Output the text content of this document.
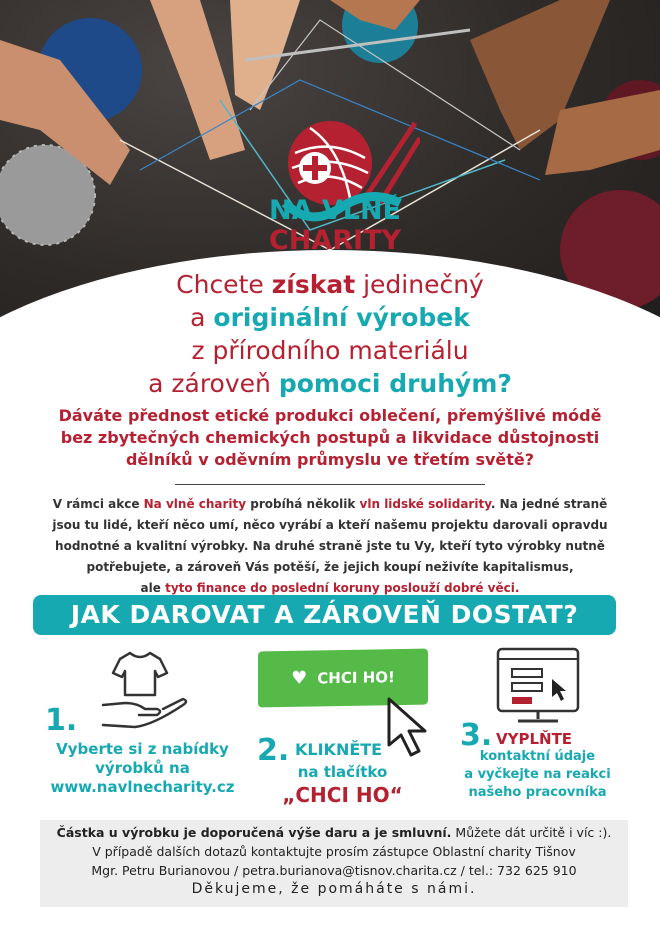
NA VLNĚ
CHARITY
Chcete získat jedinečný
a originální výrobek
z přírodního materiálu
a zároveň pomoci druhým?
Dáváte přednost etické produkci oblečení, přemýšlivé módě
bez zbytečných chemických postupů a likvidace důstojnosti
dělníků v oděvním průmyslu ve třetím světě?
V rámci akce Na vlně charity probíhá několik vln lidské solidarity. Na jedné straně
jsou tu lidé, kteří něco umí, něco vyrábí a kteří našemu projektu darovali opravdu
hodnotné a kvalitní výrobky. Na druhé straně jste tu Vy, kteří tyto výrobky nutně
potřebujete, a zároveň Vás potěší, že jejich koupí neživíte kapitalismus,
ale tyto finance do poslední koruny poslouží dobré věci.
JAK DAROVAT A ZÁROVEŇ DOSTAT?
1.
Vyberte si z nabídky
výrobků na
www.navlnecharity.cz
♥ CHCI HO!
2. KLIKNĚTE
na tlačítko
„CHCI HO“
3. VYPLŇTE
kontaktní údaje
a vyčkejte na reakci
našeho pracovníka
Částka u výrobku je doporučená výše daru a je smluvní. Můžete dát určitě i víc :).
V případě dalších dotazů kontaktujte prosím zástupce Oblastní charity Tišnov
Mgr. Petru Burianovou / petra.burianova@tisnov.charita.cz / tel.: 732 625 910
Děkujeme, že pomáháte s námi.
